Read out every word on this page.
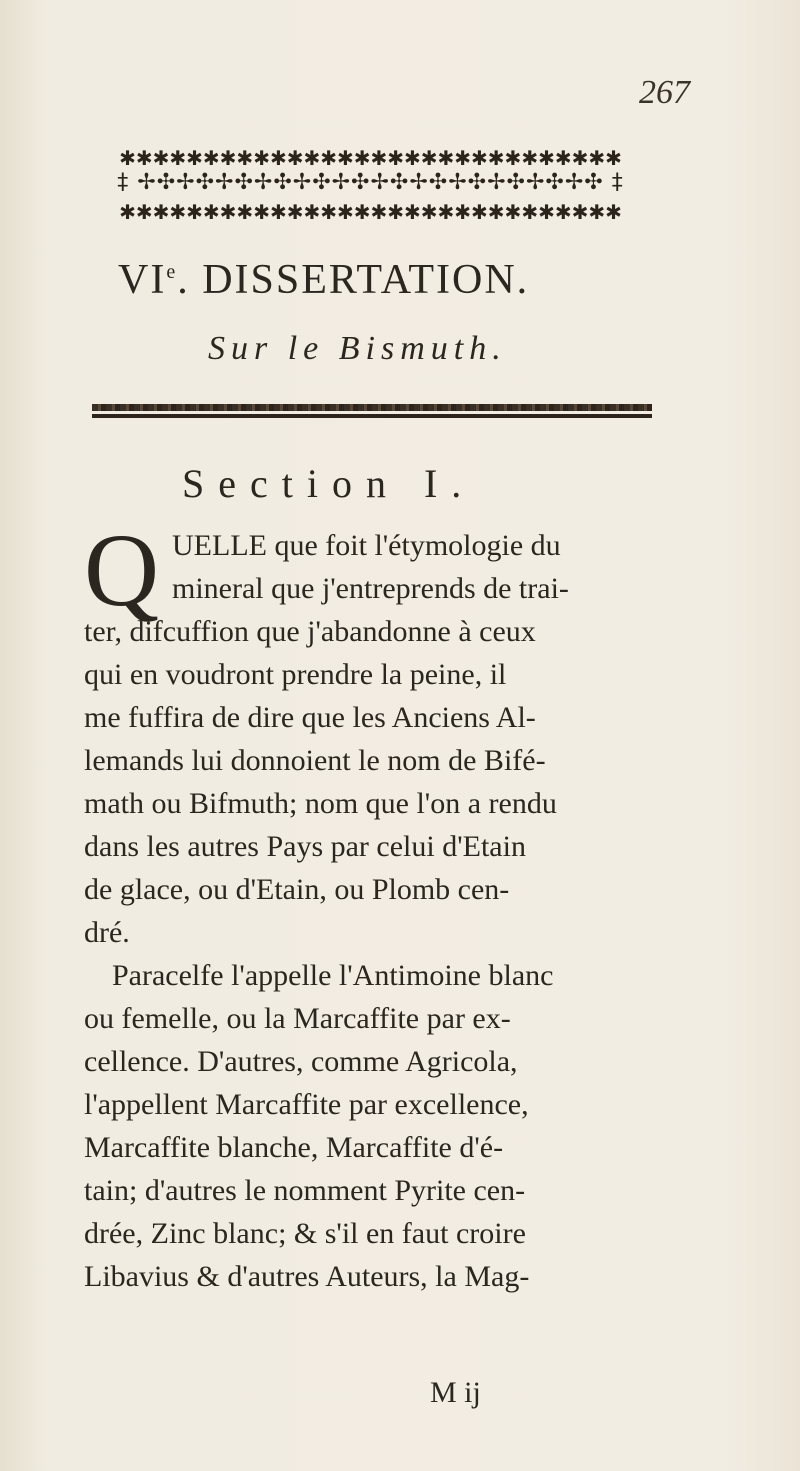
267
✱✱✱✱✱✱✱✱✱✱✱✱✱✱✱✱✱✱✱✱✱✱✱✱✱✱✱✱✱✱
‡ ✢✣✢✣✢✣✢✣✢✣✢✣✢✣✢✣✢✣✢✣✢✣✢✣ ‡
✱✱✱✱✱✱✱✱✱✱✱✱✱✱✱✱✱✱✱✱✱✱✱✱✱✱✱✱✱✱
VIe. DISSERTATION.
Sur le Bismuth.
Section I.
Q UELLE que foit l'étymologie du
mineral que j'entreprends de trai-
ter, difcuffion que j'abandonne à ceux
qui en voudront prendre la peine, il
me fuffira de dire que les Anciens Al-
lemands lui donnoient le nom de Bifé-
math ou Bifmuth; nom que l'on a rendu
dans les autres Pays par celui d'Etain
de glace, ou d'Etain, ou Plomb cen-
dré.
Paracelfe l'appelle l'Antimoine blanc
ou femelle, ou la Marcaffite par ex-
cellence. D'autres, comme Agricola,
l'appellent Marcaffite par excellence,
Marcaffite blanche, Marcaffite d'é-
tain; d'autres le nomment Pyrite cen-
drée, Zinc blanc; & s'il en faut croire
Libavius & d'autres Auteurs, la Mag-
M ij
